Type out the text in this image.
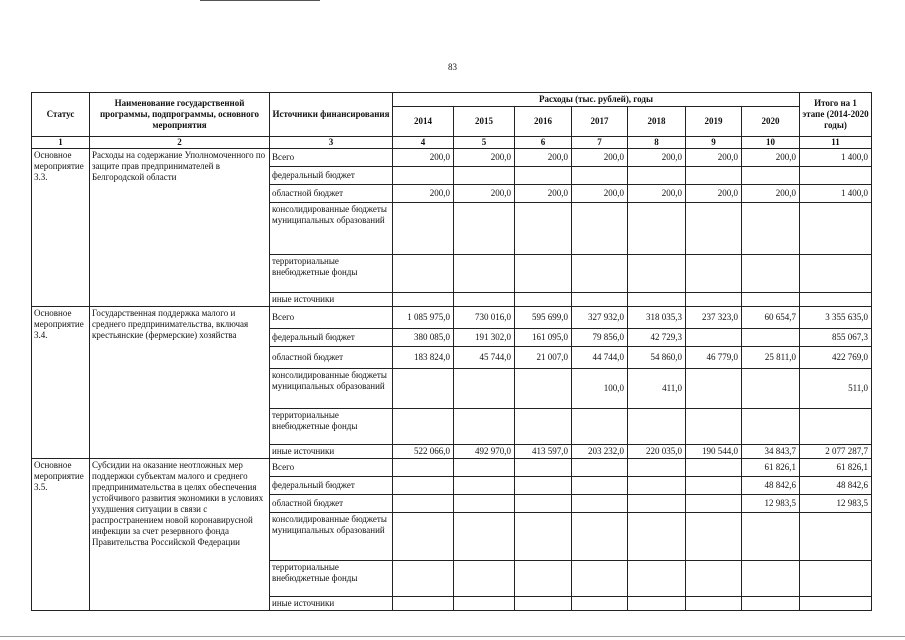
83
Статус	Наименование государственной программы, подпрограммы, основного мероприятия	Источники финансирования	Расходы (тыс. рублей), годы							Итого на 1 этапе (2014-2020 годы)
			2014	2015	2016	2017	2018	2019	2020	
1	2	3	4	5	6	7	8	9	10	11
Основное мероприятие 3.3.	Расходы на содержание Уполномоченного по защите прав предпринимателей в Белгородской области	Всего	200,0	200,0	200,0	200,0	200,0	200,0	200,0	1 400,0
		федеральный бюджет								
		областной бюджет	200,0	200,0	200,0	200,0	200,0	200,0	200,0	1 400,0
		консолидированные бюджеты муниципальных образований								
		территориальные внебюджетные фонды								
		иные источники								
Основное мероприятие 3.4.	Государственная поддержка малого и среднего предпринимательства, включая крестьянские (фермерские) хозяйства	Всего	1 085 975,0	730 016,0	595 699,0	327 932,0	318 035,3	237 323,0	60 654,7	3 355 635,0
		федеральный бюджет	380 085,0	191 302,0	161 095,0	79 856,0	42 729,3			855 067,3
		областной бюджет	183 824,0	45 744,0	21 007,0	44 744,0	54 860,0	46 779,0	25 811,0	422 769,0
		консолидированные бюджеты муниципальных образований				100,0	411,0			511,0
		территориальные внебюджетные фонды								
		иные источники	522 066,0	492 970,0	413 597,0	203 232,0	220 035,0	190 544,0	34 843,7	2 077 287,7
Основное мероприятие 3.5.	Субсидии на оказание неотложных мер поддержки субъектам малого и среднего предпринимательства в целях обеспечения устойчивого развития экономики в условиях ухудшения ситуации в связи с распространением новой коронавирусной инфекции за счет резервного фонда Правительства Российской Федерации	Всего							61 826,1	61 826,1
		федеральный бюджет							48 842,6	48 842,6
		областной бюджет							12 983,5	12 983,5
		консолидированные бюджеты муниципальных образований								
		территориальные внебюджетные фонды								
		иные источники								
